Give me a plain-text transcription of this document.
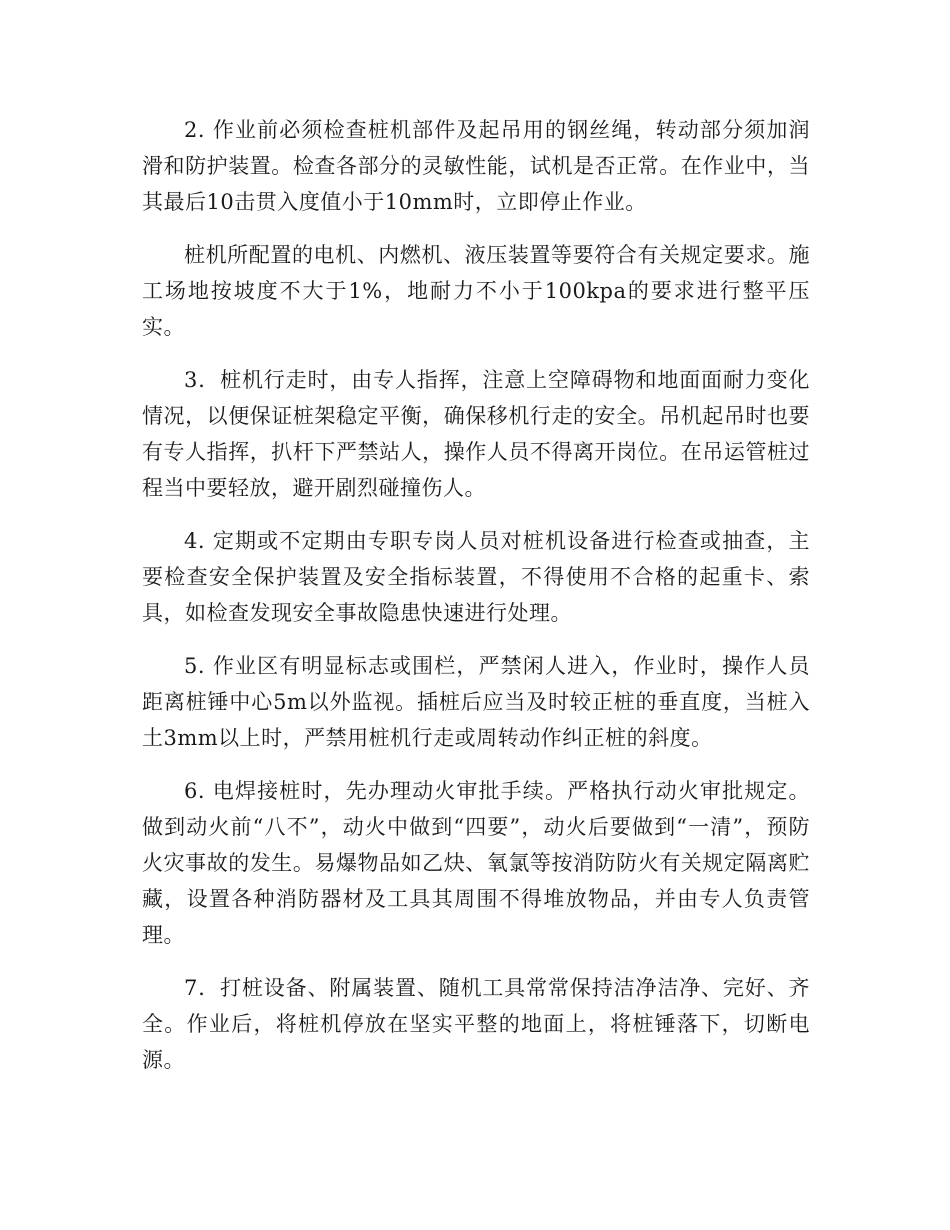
2. 作业前必须检查桩机部件及起吊用的钢丝绳，转动部分须加润滑和防护装置。检查各部分的灵敏性能，试机是否正常。在作业中，当其最后10击贯入度值小于10mm时，立即停止作业。

桩机所配置的电机、内燃机、液压装置等要符合有关规定要求。施工场地按坡度不大于1%，地耐力不小于100kpa的要求进行整平压实。

3．桩机行走时，由专人指挥，注意上空障碍物和地面面耐力变化情况，以便保证桩架稳定平衡，确保移机行走的安全。吊机起吊时也要有专人指挥，扒杆下严禁站人，操作人员不得离开岗位。在吊运管桩过程当中要轻放，避开剧烈碰撞伤人。

4. 定期或不定期由专职专岗人员对桩机设备进行检查或抽查，主要检查安全保护装置及安全指标装置，不得使用不合格的起重卡、索具，如检查发现安全事故隐患快速进行处理。

5. 作业区有明显标志或围栏，严禁闲人进入，作业时，操作人员距离桩锤中心5m以外监视。插桩后应当及时较正桩的垂直度，当桩入土3mm以上时，严禁用桩机行走或周转动作纠正桩的斜度。

6. 电焊接桩时，先办理动火审批手续。严格执行动火审批规定。做到动火前“八不”，动火中做到“四要”，动火后要做到“一清”，预防火灾事故的发生。易爆物品如乙炔、氧氯等按消防防火有关规定隔离贮藏，设置各种消防器材及工具其周围不得堆放物品，并由专人负责管理。

7．打桩设备、附属装置、随机工具常常保持洁净洁净、完好、齐全。作业后，将桩机停放在坚实平整的地面上，将桩锤落下，切断电源。
